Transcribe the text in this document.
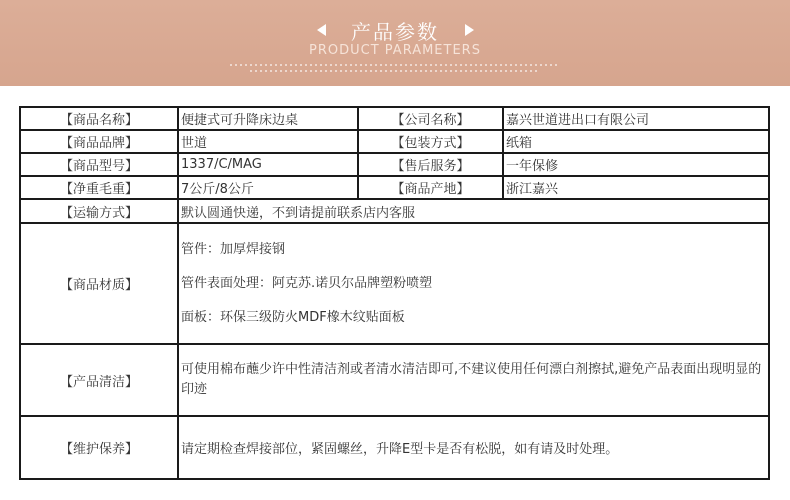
产品参数
PRODUCT PARAMETERS
【商品名称】	便捷式可升降床边桌	【公司名称】	嘉兴世道进出口有限公司
【商品品牌】	世道	【包装方式】	纸箱
【商品型号】	1337/C/MAG	【售后服务】	一年保修
【净重毛重】	7公斤/8公斤	【商品产地】	浙江嘉兴
【运输方式】	默认圆通快递，不到请提前联系店内客服		
【商品材质】	管件：加厚焊接钢
管件表面处理：阿克苏.诺贝尔品牌塑粉喷塑
面板：环保三级防火MDF橡木纹贴面板		

【产品清洁】	可使用棉布蘸少许中性清洁剂或者清水清洁即可,不建议使用任何漂白剂擦拭,避免产品表面出现明显的印迹		
【维护保养】	请定期检查焊接部位，紧固螺丝，升降E型卡是否有松脱，如有请及时处理。		
